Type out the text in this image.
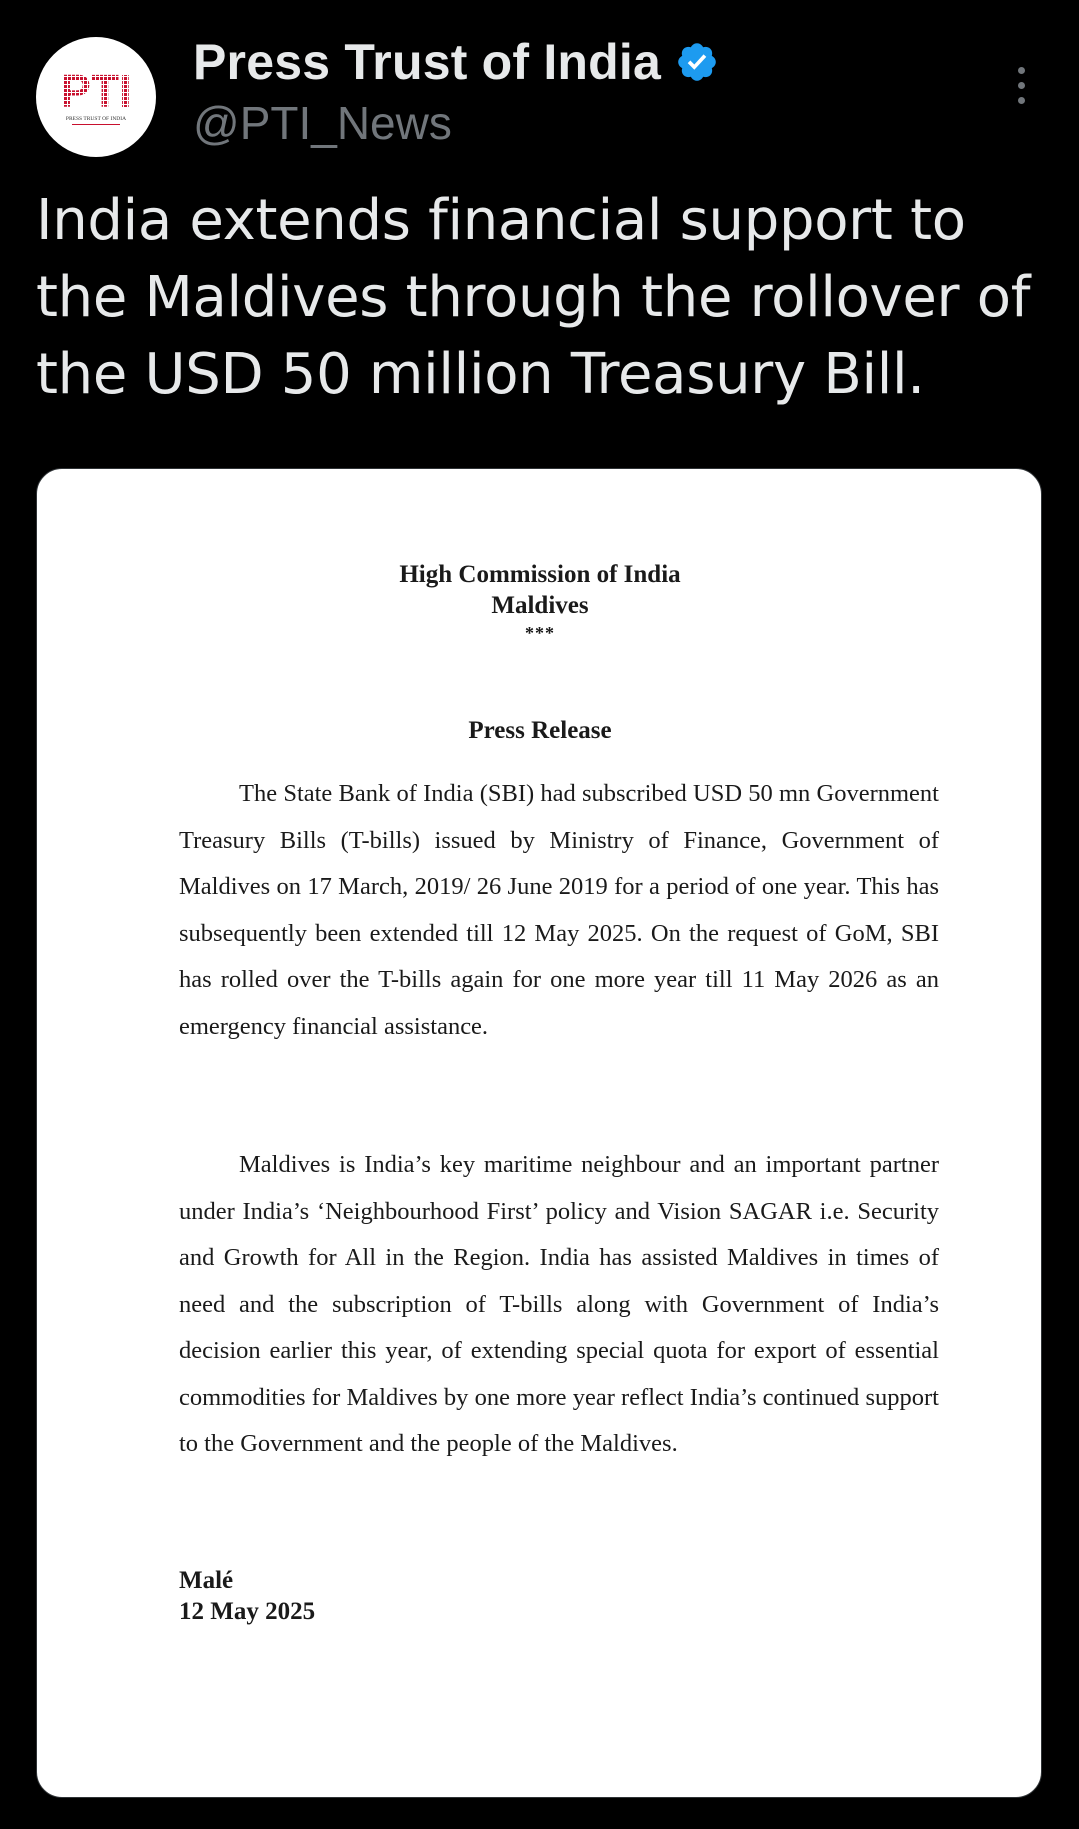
PTI
PRESS TRUST OF INDIA
Press Trust of India
@PTI_News
India extends financial support to the Maldives through the rollover of the USD 50 million Treasury Bill.
High Commission of India
Maldives
***
Press Release

The State Bank of India (SBI) had subscribed USD 50 mn Government Treasury Bills (T-bills) issued by Ministry of Finance, Government of Maldives on 17 March, 2019/ 26 June 2019 for a period of one year. This has subsequently been extended till 12 May 2025. On the request of GoM, SBI has rolled over the T-bills again for one more year till 11 May 2026 as an emergency financial assistance.

Maldives is India’s key maritime neighbour and an important partner under India’s ‘Neighbourhood First’ policy and Vision SAGAR i.e. Security and Growth for All in the Region. India has assisted Maldives in times of need and the subscription of T-bills along with Government of India’s decision earlier this year, of extending special quota for export of essential commodities for Maldives by one more year reflect India’s continued support to the Government and the people of the Maldives.

Malé
12 May 2025
